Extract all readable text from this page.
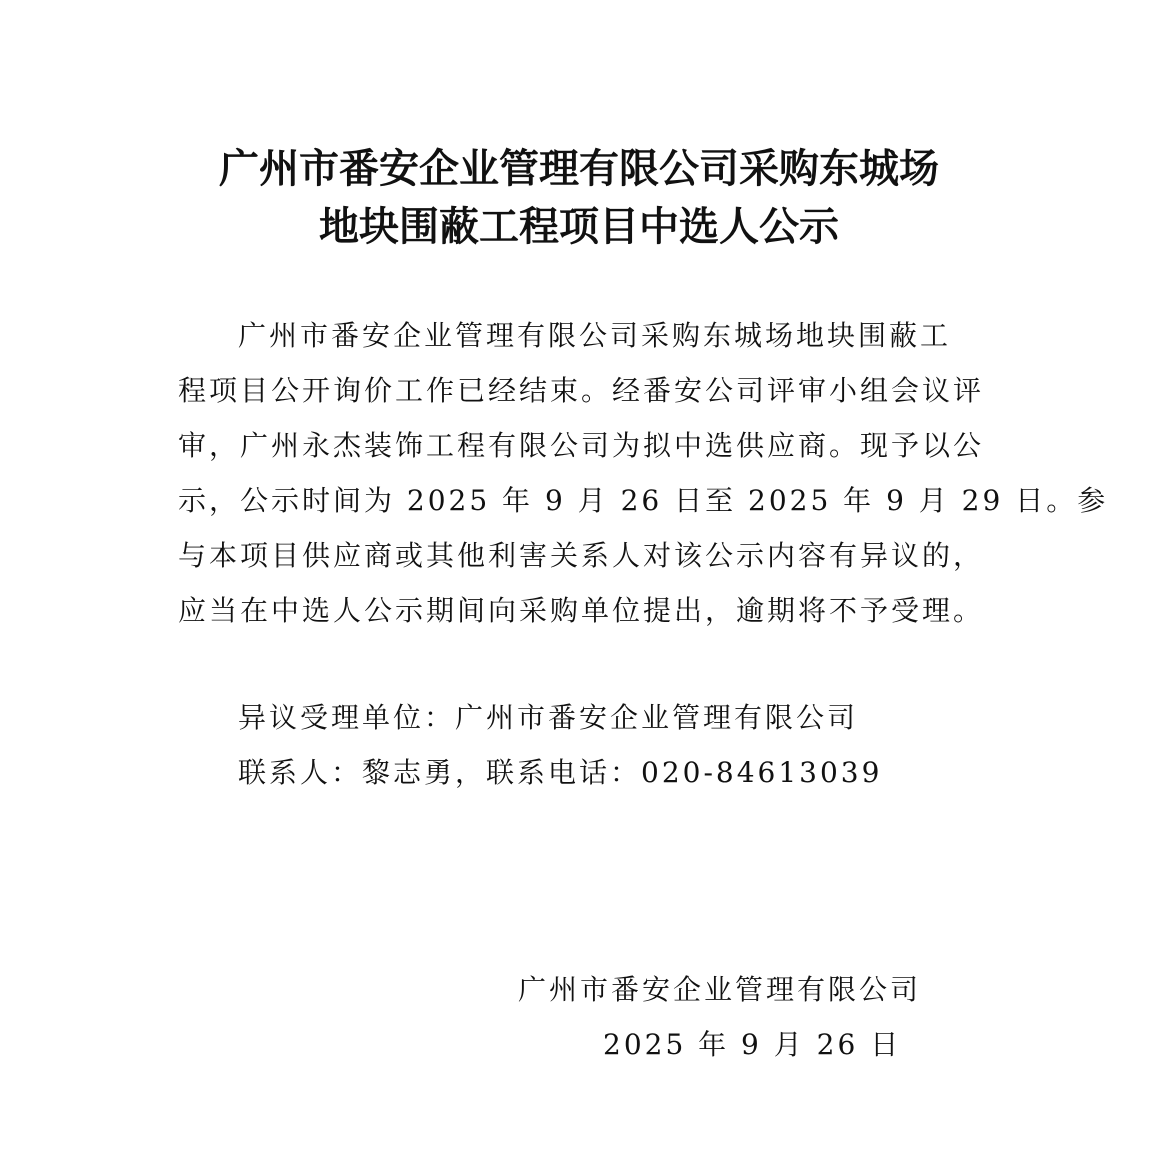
广州市番安企业管理有限公司采购东城场
地块围蔽工程项目中选人公示
广州市番安企业管理有限公司采购东城场地块围蔽工
程项目公开询价工作已经结束。经番安公司评审小组会议评
审，广州永杰装饰工程有限公司为拟中选供应商。现予以公
示，公示时间为 2025 年 9 月 26 日至 2025 年 9 月 29 日。参
与本项目供应商或其他利害关系人对该公示内容有异议的，
应当在中选人公示期间向采购单位提出，逾期将不予受理。
异议受理单位：广州市番安企业管理有限公司
联系人：黎志勇，联系电话：020-84613039
广州市番安企业管理有限公司
2025 年 9 月 26 日
